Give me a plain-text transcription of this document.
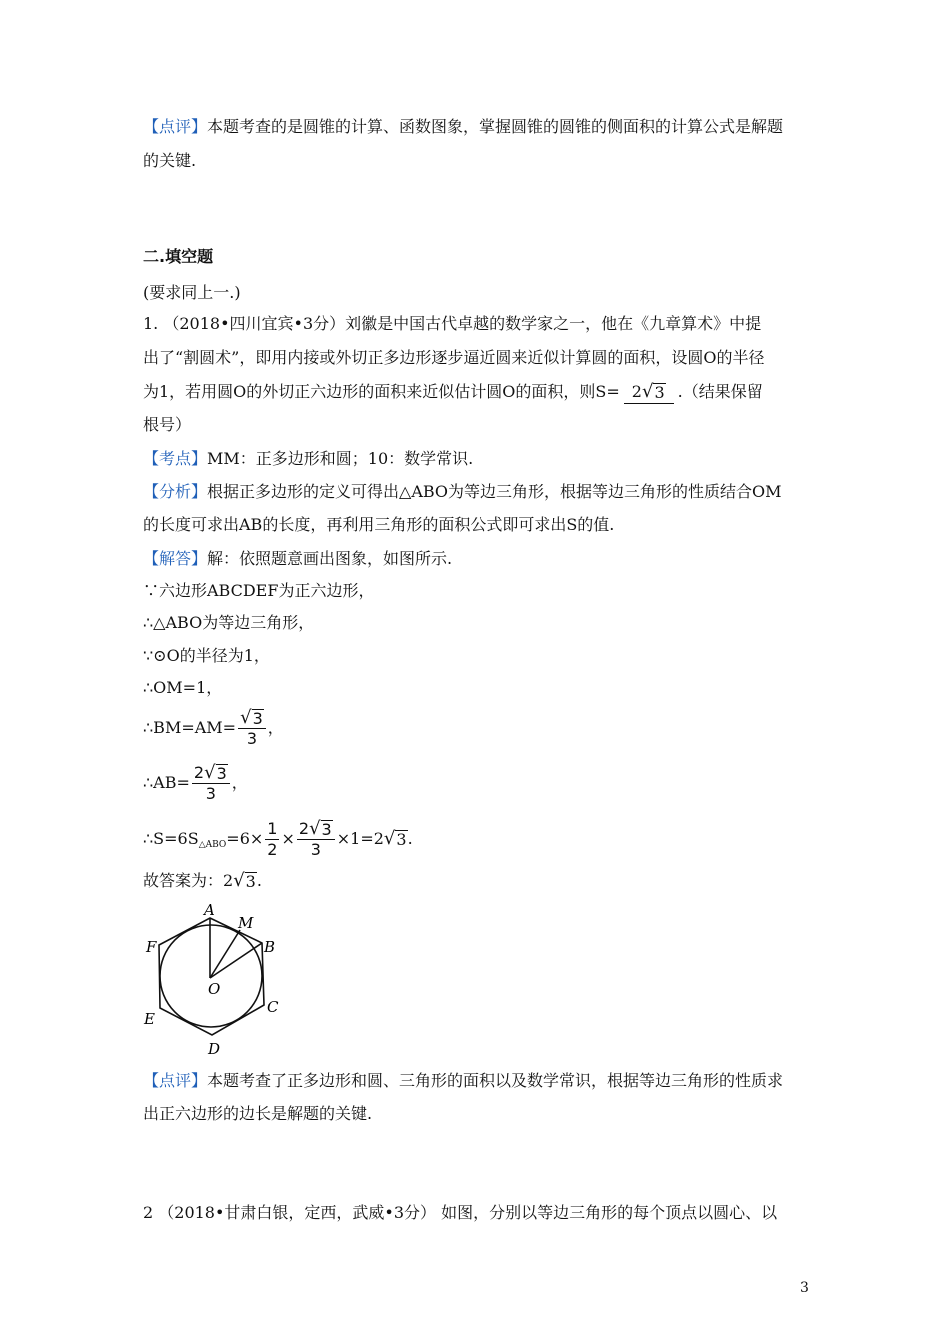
【点评】本题考查的是圆锥的计算、函数图象，掌握圆锥的圆锥的侧面积的计算公式是解题
的关键.
二.填空题
(要求同上一.)
1. （2018•四川宜宾•3分）刘徽是中国古代卓越的数学家之一，他在《九章算术》中提
出了“割圆术”，即用内接或外切正多边形逐步逼近圆来近似计算圆的面积，设圆O的半径
为1，若用圆O的外切正六边形的面积来近似估计圆O的面积，则S= 2 √ 3 .（结果保留
根号）
【考点】MM：正多边形和圆；10：数学常识.
【分析】根据正多边形的定义可得出△ABO为等边三角形，根据等边三角形的性质结合OM
的长度可求出AB的长度，再利用三角形的面积公式即可求出S的值.
【解答】解：依照题意画出图象，如图所示.
∵六边形ABCDEF为正六边形，
∴△ABO为等边三角形，
∵⊙O的半径为1，
∴OM=1，
∴BM=AM= $\frac{√ 3}{3}$ ，
∴AB= $\frac{2 √ 3}{3}$ ，
$\therefore S=6S_{\triangle ABO}=6\times \frac{1}{2} \times \frac{2 √ 3}{3} \times 1=2$ √ 3 .
故答案为：2 √ 3 .
A
M
B
C
D
E
F
O
【点评】本题考查了正多边形和圆、三角形的面积以及数学常识，根据等边三角形的性质求
出正六边形的边长是解题的关键.
2 （2018•甘肃白银，定西，武威•3分） 如图，分别以等边三角形的每个顶点以圆心、以
3
